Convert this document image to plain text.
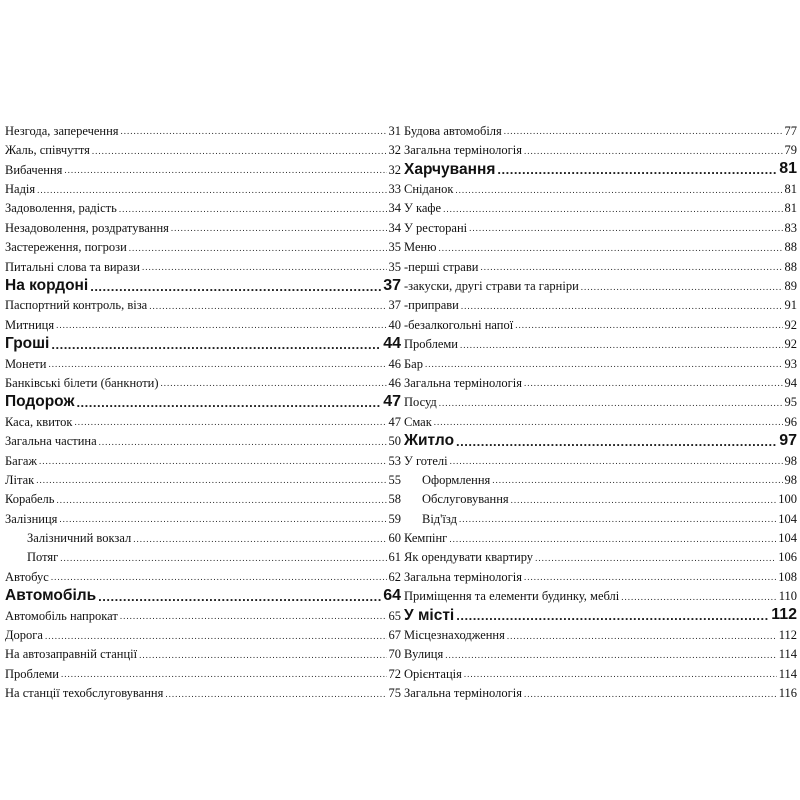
Незгода, заперечення .....	31
Жаль, співчуття .....	32
Вибачення .....	32
Надія .....	33
Задоволення, радість .....	34
Незадоволення, роздратування .....	34
Застереження, погрози .....	35
Питальні слова та вирази .....	35
На кордоні .....	37
Паспортний контроль, віза .....	37
Митниця .....	40
Гроші .....	44
Монети .....	46
Банківські білети (банкноти) .....	46
Подорож .....	47
Каса, квиток .....	47
Загальна частина .....	50
Багаж .....	53
Літак .....	55
Корабель .....	58
Залізниця .....	59
Залізничний вокзал .....	60
Потяг .....	61
Автобус .....	62
Автомобіль .....	64
Автомобіль напрокат .....	65
Дорога .....	67
На автозаправній станції .....	70
Проблеми .....	72
На станції техобслуговування .....	75
Будова автомобіля .....	77
Загальна термінологія .....	79
Харчування .....	81
Сніданок .....	81
У кафе .....	81
У ресторані .....	83
Меню .....	88
-перші страви .....	88
-закуски, другі страви та гарніри .....	89
-приправи .....	91
-безалкогольні напої .....	92
Проблеми .....	92
Бар .....	93
Загальна термінологія .....	94
Посуд .....	95
Смак .....	96
Житло .....	97
У готелі .....	98
Оформлення .....	98
Обслуговування .....	100
Від'їзд .....	104
Кемпінг .....	104
Як орендувати квартиру .....	106
Загальна термінологія .....	108
Приміщення та елементи будинку, меблі .....	110
У місті .....	112
Місцезнаходження .....	112
Вулиця .....	114
Орієнтація .....	114
Загальна термінологія .....	116
